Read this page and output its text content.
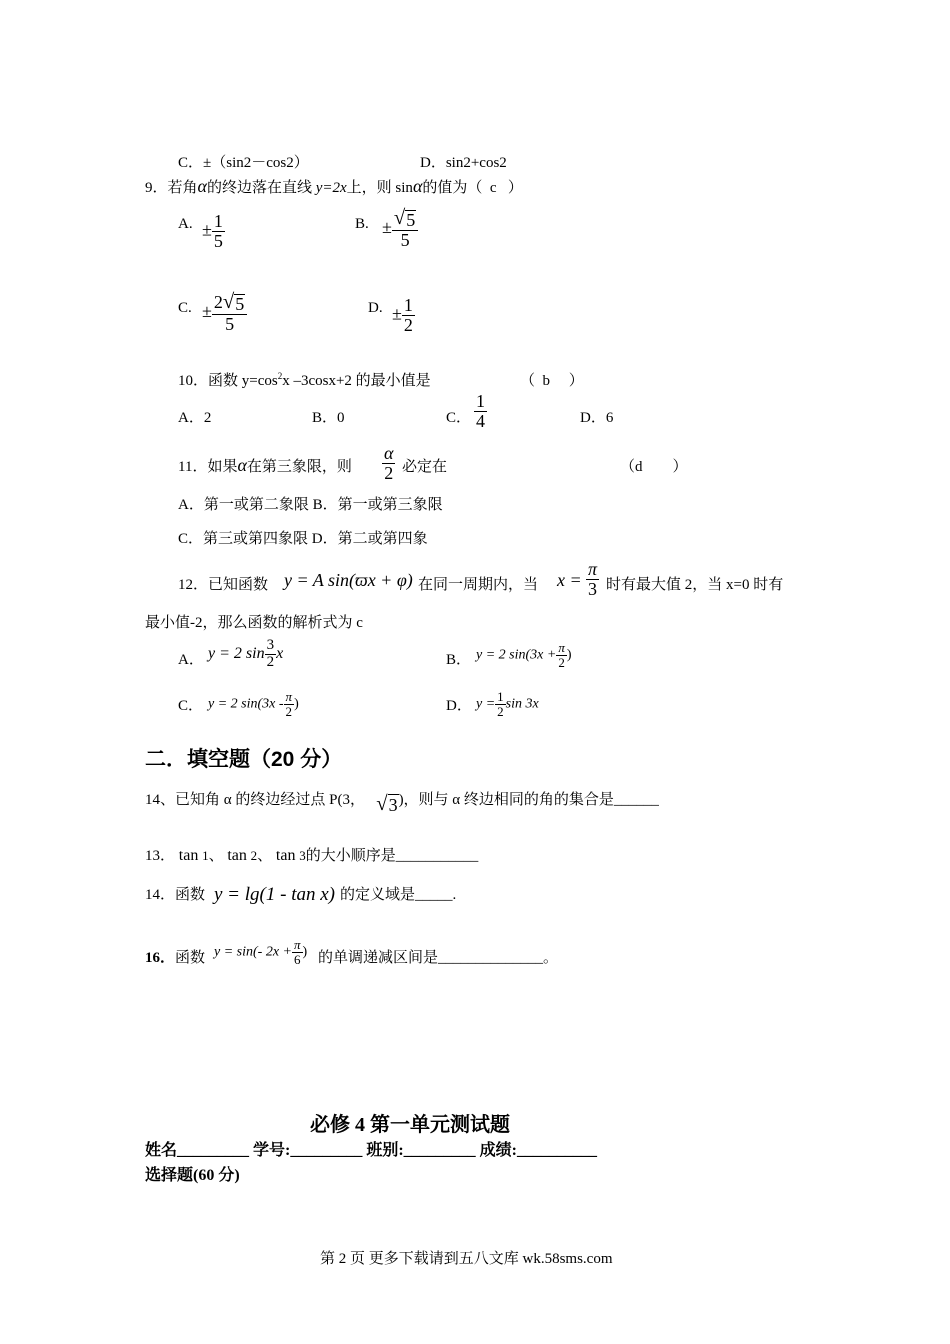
C．±（sin2－cos2）	D．sin2+cos2
9．若角α的终边落在直线 y=2x上，则 sinα的值为（ c ）
A. ± $\frac{1}{5}$	B. ± $\frac{√ 5}{5}$
C. ± $\frac{2 √ 5}{5}$	D. ± $\frac{1}{2}$
10．函数 $y=\cos^2x$ –3cosx+2 的最小值是	（ b ）
A．2	B．0	C． $\frac{1}{4}$	D．6
11．如果α在第三象限，则 $\frac{\alpha}{2}$ 必定在	（d ）
A．第一或第二象限 B．第一或第三象限
C．第三或第四象限 D．第二或第四象
12．已知函数 y = A sin(ϖx + φ) 在同一周期内，当 $x = \frac{\pi}{3}$ 时有最大值 2，当 x=0 时有
最小值-2，那么函数的解析式为 c
A． y = 2 $\sin \frac{3}{2}$ x	B． y = 2 $\sin(3x + \frac{\pi}{2}$ )
C． y = 2 $\sin(3x - \frac{\pi}{2}$ )	D． $y = \frac{1}{2}$ sin 3x
二．填空题（20 分）
14、已知角 α 的终边经过点 P(3， √ 3 )，则与 α 终边相同的角的集合是______
13． tan 1、 tan 2、 tan 3的大小顺序是___________
14．函数 y = lg(1 - tan x) 的定义域是_____.
16．函数 y = sin(- $2x + \frac{\pi}{6}$ ) 的单调递减区间是______________。
必修 4 第一单元测试题
姓名_________ 学号:_________ 班别:_________ 成绩:__________
选择题(60 分)
第 2 页 更多下载请到五八文库 wk.58sms.com
